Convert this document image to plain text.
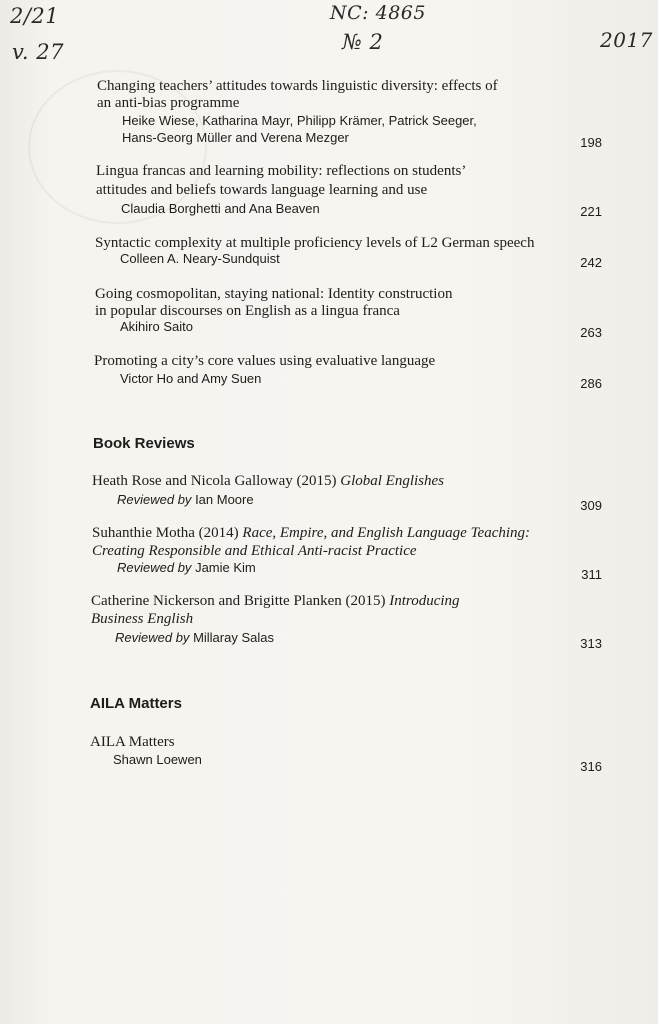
2/21
v. 27
NC: 4865
№ 2	2017
Changing teachers’ attitudes towards linguistic diversity: effects of
an anti-bias programme
Heike Wiese, Katharina Mayr, Philipp Krämer, Patrick Seeger,
Hans-Georg Müller and Verena Mezger	198
Lingua francas and learning mobility: reflections on students’
attitudes and beliefs towards language learning and use
Claudia Borghetti and Ana Beaven	221
Syntactic complexity at multiple proficiency levels of L2 German speech
Colleen A. Neary-Sundquist	242
Going cosmopolitan, staying national: Identity construction
in popular discourses on English as a lingua franca
Akihiro Saito	263
Promoting a city’s core values using evaluative language
Victor Ho and Amy Suen	286
Book Reviews
Heath Rose and Nicola Galloway (2015) Global Englishes
Reviewed by Ian Moore	309
Suhanthie Motha (2014) Race, Empire, and English Language Teaching:
Creating Responsible and Ethical Anti-racist Practice
Reviewed by Jamie Kim	311
Catherine Nickerson and Brigitte Planken (2015) Introducing
Business English
Reviewed by Millaray Salas	313
AILA Matters
AILA Matters
Shawn Loewen	316
